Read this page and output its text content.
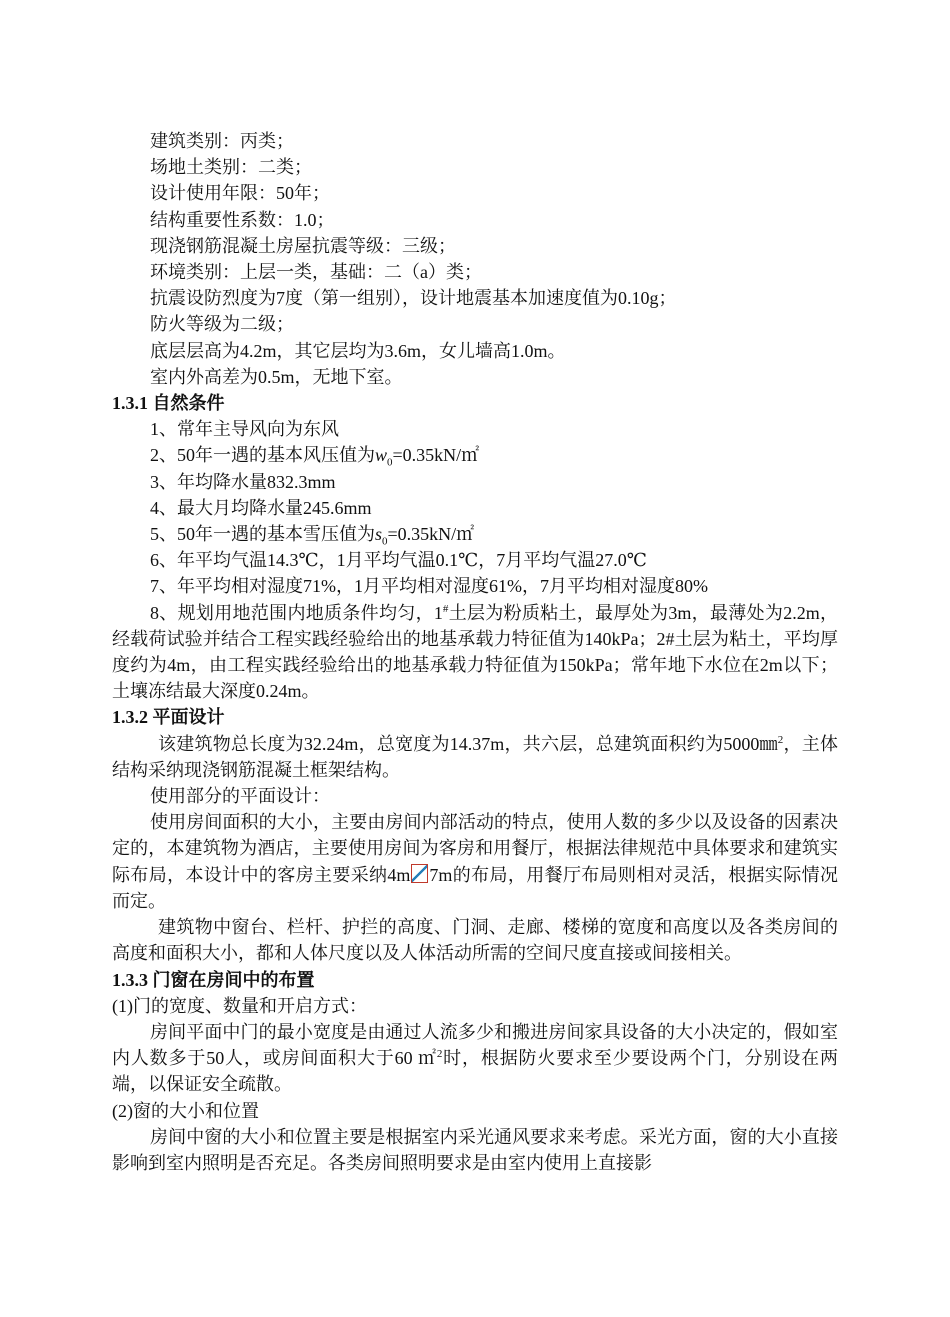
建筑类别：丙类；
场地土类别：二类；
设计使用年限：50年；
结构重要性系数：1.0；
现浇钢筋混凝土房屋抗震等级：三级；
环境类别：上层一类，基础：二（a）类；
抗震设防烈度为7度（第一组别），设计地震基本加速度值为0.10g；
防火等级为二级；
底层层高为4.2m，其它层均为3.6m，女儿墙高1.0m。
室内外高差为0.5m，无地下室。
1.3.1 自然条件
1、常年主导风向为东风
2、50年一遇的基本风压值为$w_0=0.35kN/㎡$
3、年均降水量832.3mm
4、最大月均降水量245.6mm
5、50年一遇的基本雪压值为$s_0=0.35kN/㎡$
6、年平均气温14.3℃，1月平均气温0.1℃，7月平均气温27.0℃
7、年平均相对湿度71%，1月平均相对湿度61%，7月平均相对湿度80%
8、规划用地范围内地质条件均匀，1#土层为粉质粘土，最厚处为3m，最薄处为2.2m，经载荷试验并结合工程实践经验给出的地基承载力特征值为140kPa；2#土层为粘土，平均厚度约为4m，由工程实践经验给出的地基承载力特征值为150kPa；常年地下水位在2m以下；土壤冻结最大深度0.24m。
1.3.2 平面设计
该建筑物总长度为32.24m，总宽度为14.37m，共六层，总建筑面积约为5000㎜$^2$，主体结构采纳现浇钢筋混凝土框架结构。
使用部分的平面设计：
使用房间面积的大小，主要由房间内部活动的特点，使用人数的多少以及设备的因素决定的，本建筑物为酒店，主要使用房间为客房和用餐厅，根据法律规范中具体要求和建筑实际布局，本设计中的客房主要采纳4m 7m的布局，用餐厅布局则相对灵活，根据实际情况而定。
建筑物中窗台、栏杆、护拦的高度、门洞、走廊、楼梯的宽度和高度以及各类房间的高度和面积大小，都和人体尺度以及人体活动所需的空间尺度直接或间接相关。
1.3.3 门窗在房间中的布置
(1)门的宽度、数量和开启方式：
房间平面中门的最小宽度是由通过人流多少和搬进房间家具设备的大小决定的，假如室内人数多于50人，或房间面积大于60 ㎡$^2$时，根据防火要求至少要设两个门，分别设在两端，以保证安全疏散。
(2)窗的大小和位置
房间中窗的大小和位置主要是根据室内采光通风要求来考虑。采光方面，窗的大小直接影响到室内照明是否充足。各类房间照明要求是由室内使用上直接影
